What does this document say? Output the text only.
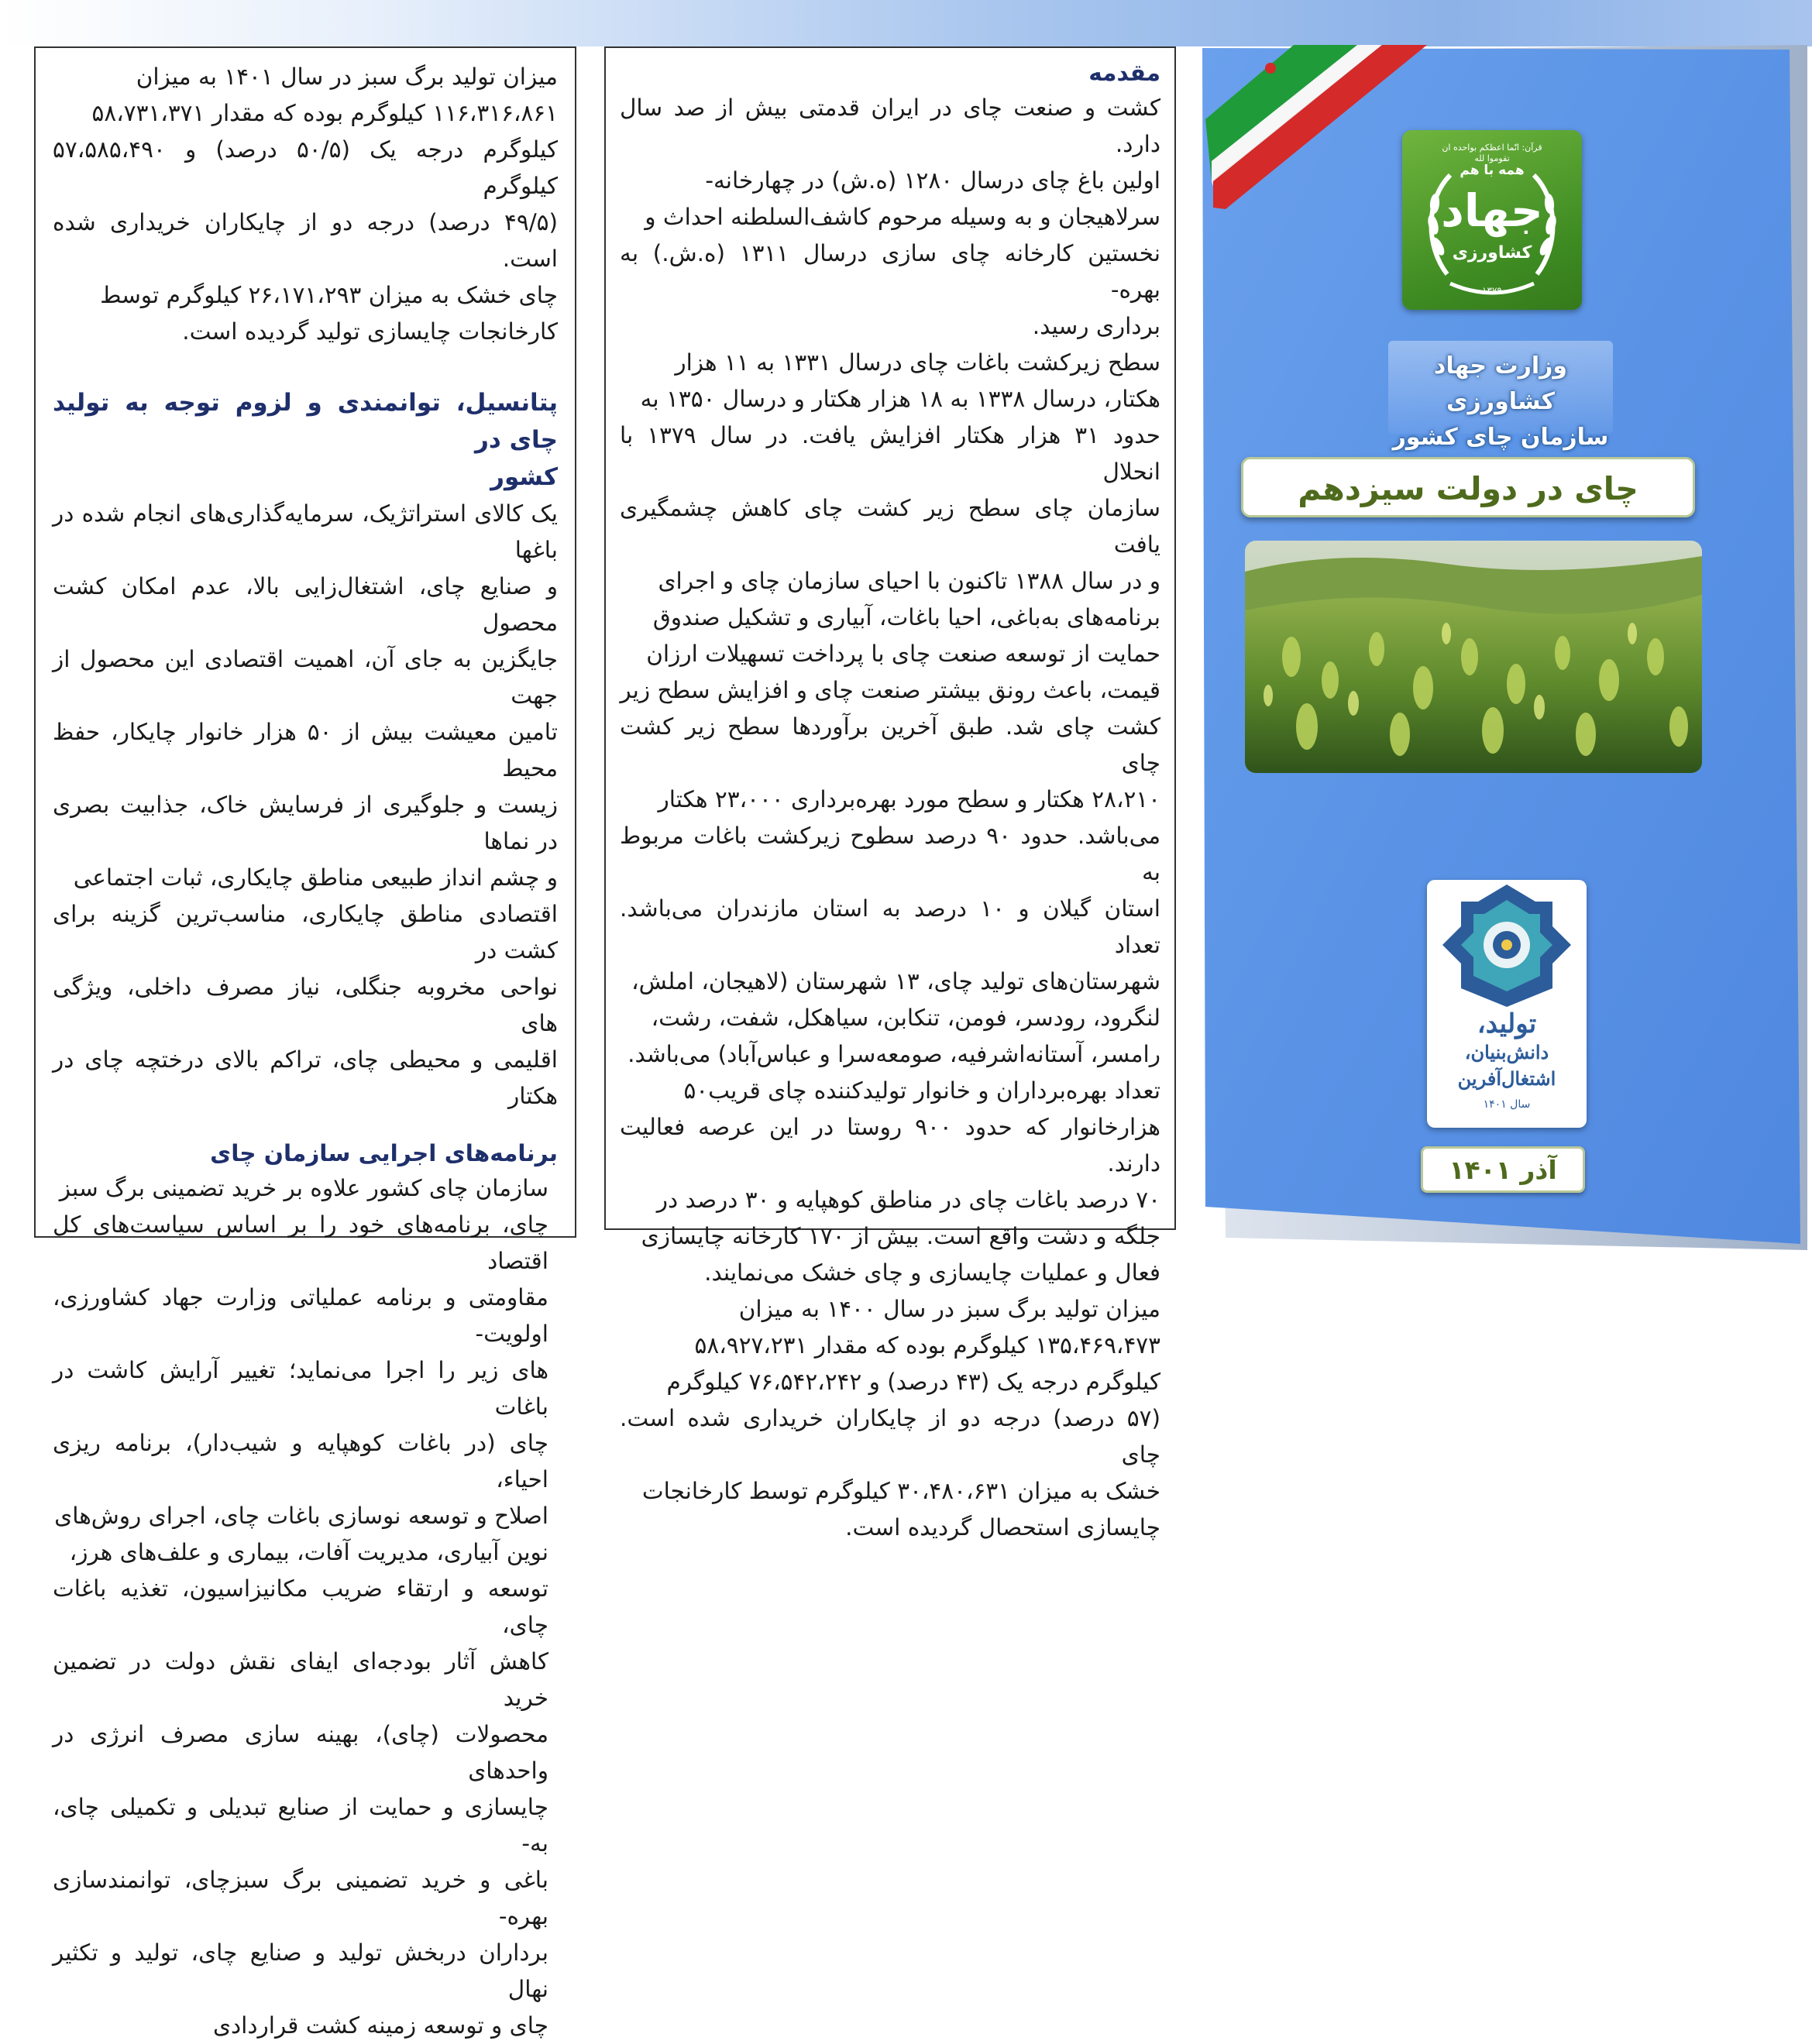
میزان تولید برگ سبز در سال ۱۴۰۱ به میزان

۱۱۶،۳۱۶،۸۶۱ کیلوگرم بوده که مقدار ۵۸،۷۳۱،۳۷۱

کیلوگرم درجه یک (۵۰/۵ درصد) و ۵۷،۵۸۵،۴۹۰ کیلوگرم

(۴۹/۵ درصد) درجه دو از چایکاران خریداری شده است.

چای خشک به میزان ۲۶،۱۷۱،۲۹۳ کیلوگرم توسط

کارخانجات چایسازی تولید گردیده است.

پتانسیل، توانمندی و لزوم توجه به تولید چای در

کشور

یک کالای استراتژیک، سرمایه‌گذاری‌های انجام شده در باغها

و صنایع چای، اشتغال‌زایی بالا، عدم امکان کشت محصول

جایگزین به جای آن، اهمیت اقتصادی این محصول از جهت

تامین معیشت بیش از ۵۰ هزار خانوار چایکار، حفظ محیط

زیست و جلوگیری از فرسایش خاک، جذابیت بصری در نماها

و چشم انداز طبیعی مناطق چایکاری، ثبات اجتماعی

اقتصادی مناطق چایکاری، مناسب‌ترین گزینه برای کشت در

نواحی مخروبه جنگلی، نیاز مصرف داخلی، ویژگی های

اقلیمی و محیطی چای، تراکم بالای درختچه چای در هکتار

برنامه‌های اجرایی سازمان چای

سازمان چای کشور علاوه بر خرید تضمینی برگ سبز

چای، برنامه‌های خود را بر اساس سیاست‌های کل اقتصاد

مقاومتی و برنامه عملیاتی وزارت جهاد کشاورزی، اولویت-

های زیر را اجرا می‌نماید؛ تغییر آرایش کاشت در باغات

چای (در باغات کوهپایه و شیب‌دار)، برنامه ریزی احیاء،

اصلاح و توسعه نوسازی باغات چای، اجرای روش‌های

نوین آبیاری، مدیریت آفات، بیماری و علف‌های هرز،

توسعه و ارتقاء ضریب مکانیزاسیون، تغذیه باغات چای،

کاهش آثار بودجه‌ای ایفای نقش دولت در تضمین خرید

محصولات (چای)، بهینه سازی مصرف انرژی در واحدهای

چایسازی و حمایت از صنایع تبدیلی و تکمیلی چای، به-

باغی و خرید تضمینی برگ سبزچای، توانمندسازی بهره-

برداران دربخش تولید و صنایع چای، تولید و تکثیر نهال

چای و توسعه زمینه کشت قراردادی

مقدمه

کشت و صنعت چای در ایران قدمتی بیش از صد سال دارد.

اولین باغ چای درسال ۱۲۸۰ (ه.ش) در چهارخانه-

سرلاهیجان و به وسیله مرحوم کاشف‌السلطنه احداث و

نخستین کارخانه چای سازی درسال ۱۳۱۱ (ه.ش.) به بهره-

برداری رسید.

سطح زیرکشت باغات چای درسال ۱۳۳۱ به ۱۱ هزار

هکتار، درسال ۱۳۳۸ به ۱۸ هزار هکتار و درسال ۱۳۵۰ به

حدود ۳۱ هزار هکتار افزایش یافت. در سال ۱۳۷۹ با انحلال

سازمان چای سطح زیر کشت چای کاهش چشمگیری یافت

و در سال ۱۳۸۸ تاکنون با احیای سازمان چای و اجرای

برنامه‌های به‌باغی، احیا باغات، آبیاری و تشکیل صندوق

حمایت از توسعه صنعت چای با پرداخت تسهیلات ارزان

قیمت، باعث رونق بیشتر صنعت چای و افزایش سطح زیر

کشت چای شد. طبق آخرین برآوردها سطح زیر کشت چای

۲۸،۲۱۰ هکتار و سطح مورد بهره‌برداری ۲۳،۰۰۰ هکتار

می‌باشد. حدود ۹۰ درصد سطوح زیرکشت باغات مربوط به

استان گیلان و ۱۰ درصد به استان مازندران می‌باشد. تعداد

شهرستان‌های تولید چای، ۱۳ شهرستان (لاهیجان، املش،

لنگرود، رودسر، فومن، تنکابن، سیاهکل، شفت، رشت،

رامسر، آستانه‌اشرفیه، صومعه‌سرا و عباس‌آباد) می‌باشد.

تعداد بهره‌برداران و خانوار تولیدکننده چای قریب۵۰

هزارخانوار که حدود ۹۰۰ روستا در این عرصه فعالیت دارند.

۷۰ درصد باغات چای در مناطق کوهپایه و ۳۰ درصد در

جلگه و دشت واقع است. بیش از ۱۷۰ کارخانه چایسازی

فعال و عملیات چایسازی و چای خشک می‌نمایند.

میزان تولید برگ سبز در سال ۱۴۰۰ به میزان

۱۳۵،۴۶۹،۴۷۳ کیلوگرم بوده که مقدار ۵۸،۹۲۷،۲۳۱

کیلوگرم درجه یک (۴۳ درصد) و ۷۶،۵۴۲،۲۴۲ کیلوگرم

(۵۷ درصد) درجه دو از چایکاران خریداری شده است. چای

خشک به میزان ۳۰،۴۸۰،۶۳۱ کیلوگرم توسط کارخانجات

چایسازی استحصال گردیده است.

قرآن: انّما اعظکم بواحده ان تقوموا لله
همه با هم
جهاد
کشاورزی
۱۳۷۹
وزارت جهاد کشاورزی
سازمان چای کشور
چای در دولت سیزدهم
تولید،
دانش‌بنیان،
اشتغال‌آفرین
سال ۱۴۰۱
آذر ۱۴۰۱
